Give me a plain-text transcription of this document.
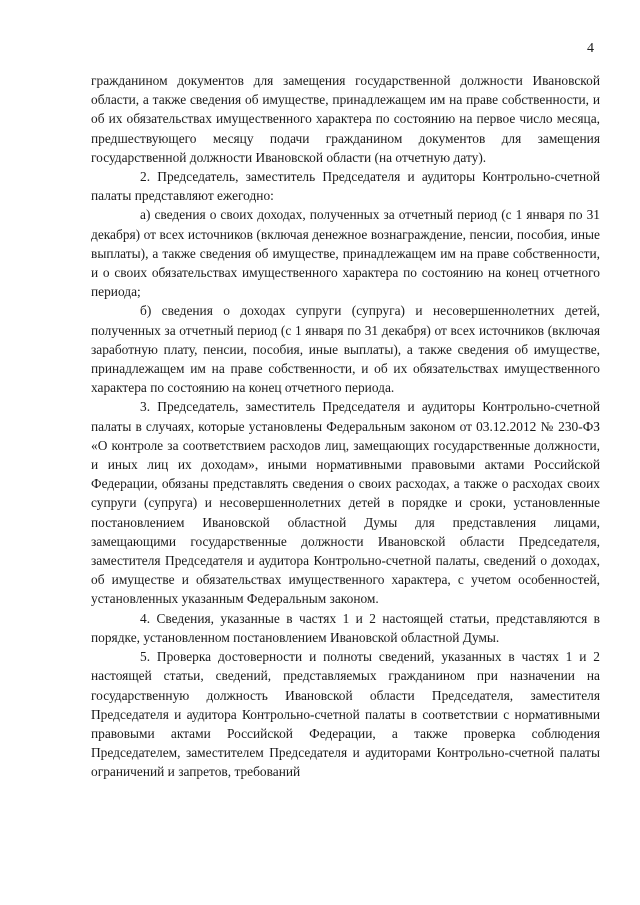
4

гражданином документов для замещения государственной должности Ивановской области, а также сведения об имуществе, принадлежащем им на праве собственности, и об их обязательствах имущественного характера по состоянию на первое число месяца, предшествующего месяцу подачи гражданином документов для замещения государственной должности Ивановской области (на отчетную дату).

2. Председатель, заместитель Председателя и аудиторы Контрольно-счетной палаты представляют ежегодно:

а) сведения о своих доходах, полученных за отчетный период (с 1 января по 31 декабря) от всех источников (включая денежное вознаграждение, пенсии, пособия, иные выплаты), а также сведения об имуществе, принадлежащем им на праве собственности, и о своих обязательствах имущественного характера по состоянию на конец отчетного периода;

б) сведения о доходах супруги (супруга) и несовершеннолетних детей, полученных за отчетный период (с 1 января по 31 декабря) от всех источников (включая заработную плату, пенсии, пособия, иные выплаты), а также сведения об имуществе, принадлежащем им на праве собственности, и об их обязательствах имущественного характера по состоянию на конец отчетного периода.

3. Председатель, заместитель Председателя и аудиторы Контрольно-счетной палаты в случаях, которые установлены Федеральным законом от 03.12.2012 № 230-ФЗ «О контроле за соответствием расходов лиц, замещающих государственные должности, и иных лиц их доходам», иными нормативными правовыми актами Российской Федерации, обязаны представлять сведения о своих расходах, а также о расходах своих супруги (супруга) и несовершеннолетних детей в порядке и сроки, установленные постановлением Ивановской областной Думы для представления лицами, замещающими государственные должности Ивановской области Председателя, заместителя Председателя и аудитора Контрольно-счетной палаты, сведений о доходах, об имуществе и обязательствах имущественного характера, с учетом особенностей, установленных указанным Федеральным законом.

4. Сведения, указанные в частях 1 и 2 настоящей статьи, представляются в порядке, установленном постановлением Ивановской областной Думы.

5. Проверка достоверности и полноты сведений, указанных в частях 1 и 2 настоящей статьи, сведений, представляемых гражданином при назначении на государственную должность Ивановской области Председателя, заместителя Председателя и аудитора Контрольно-счетной палаты в соответствии с нормативными правовыми актами Российской Федерации, а также проверка соблюдения Председателем, заместителем Председателя и аудиторами Контрольно-счетной палаты ограничений и запретов, требований
